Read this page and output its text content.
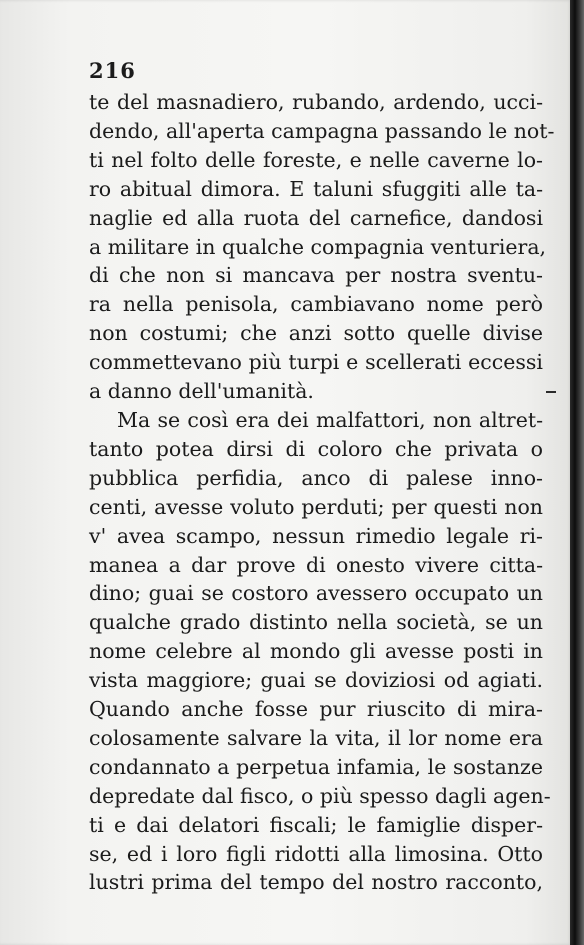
216
te del masnadiero, rubando, ardendo, ucci-
dendo, all'aperta campagna passando le not-
ti nel folto delle foreste, e nelle caverne lo-
ro abitual dimora. E taluni sfuggiti alle ta-
naglie ed alla ruota del carnefice, dandosi
a militare in qualche compagnia venturiera,
di che non si mancava per nostra sventu-
ra nella penisola, cambiavano nome però
non costumi; che anzi sotto quelle divise
commettevano più turpi e scellerati eccessi
a danno dell'umanità.
Ma se così era dei malfattori, non altret-
tanto potea dirsi di coloro che privata o
pubblica perfidia, anco di palese inno-
centi, avesse voluto perduti; per questi non
v' avea scampo, nessun rimedio legale ri-
manea a dar prove di onesto vivere citta-
dino; guai se costoro avessero occupato un
qualche grado distinto nella società, se un
nome celebre al mondo gli avesse posti in
vista maggiore; guai se doviziosi od agiati.
Quando anche fosse pur riuscito di mira-
colosamente salvare la vita, il lor nome era
condannato a perpetua infamia, le sostanze
depredate dal fisco, o più spesso dagli agen-
ti e dai delatori fiscali; le famiglie disper-
se, ed i loro figli ridotti alla limosina. Otto
lustri prima del tempo del nostro racconto,
